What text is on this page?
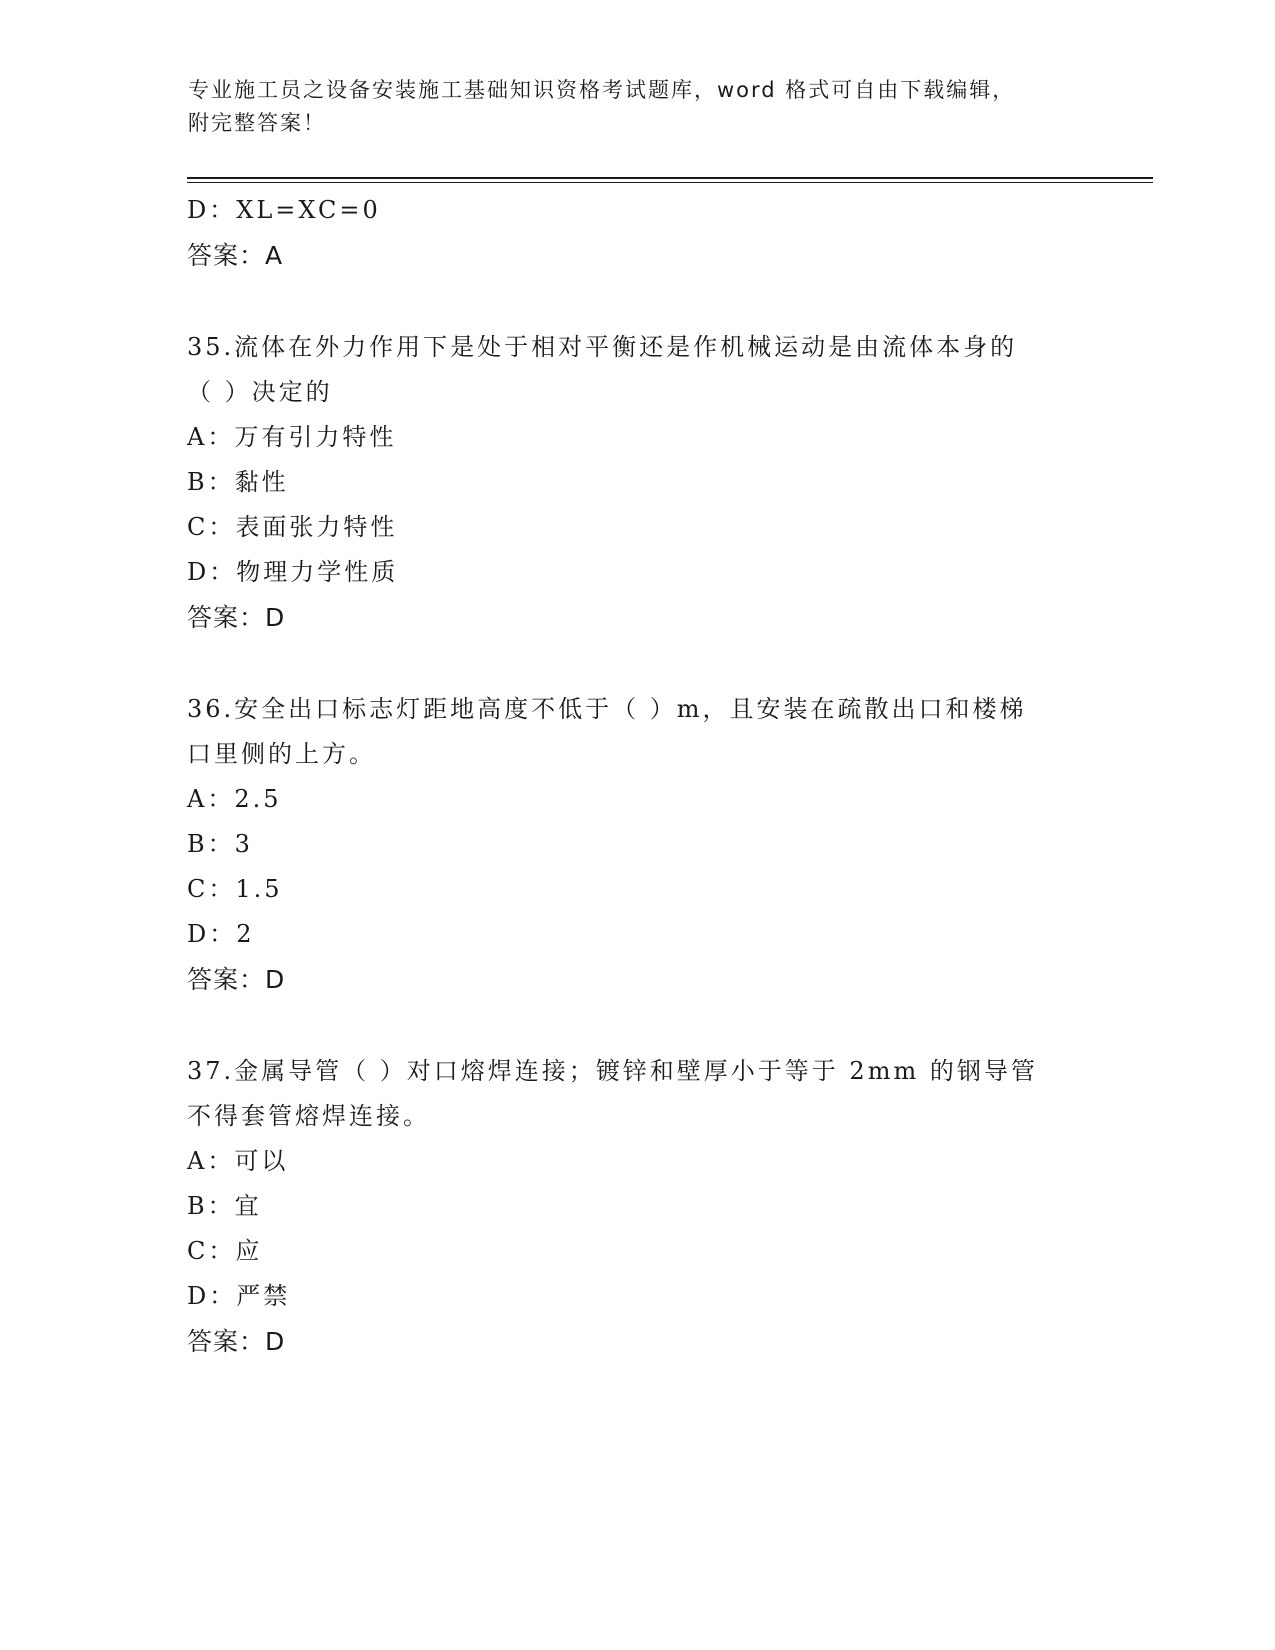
专业施工员之设备安装施工基础知识资格考试题库，word 格式可自由下载编辑，
附完整答案！

D：XL=XC=0

答案：A

35.流体在外力作用下是处于相对平衡还是作机械运动是由流体本身的

（ ）决定的

A：万有引力特性

B：黏性

C：表面张力特性

D：物理力学性质

答案：D

36.安全出口标志灯距地高度不低于（ ）m，且安装在疏散出口和楼梯

口里侧的上方。

A：2.5

B：3

C：1.5

D：2

答案：D

37.金属导管（ ）对口熔焊连接；镀锌和壁厚小于等于 2mm 的钢导管

不得套管熔焊连接。

A：可以

B：宜

C：应

D：严禁

答案：D
